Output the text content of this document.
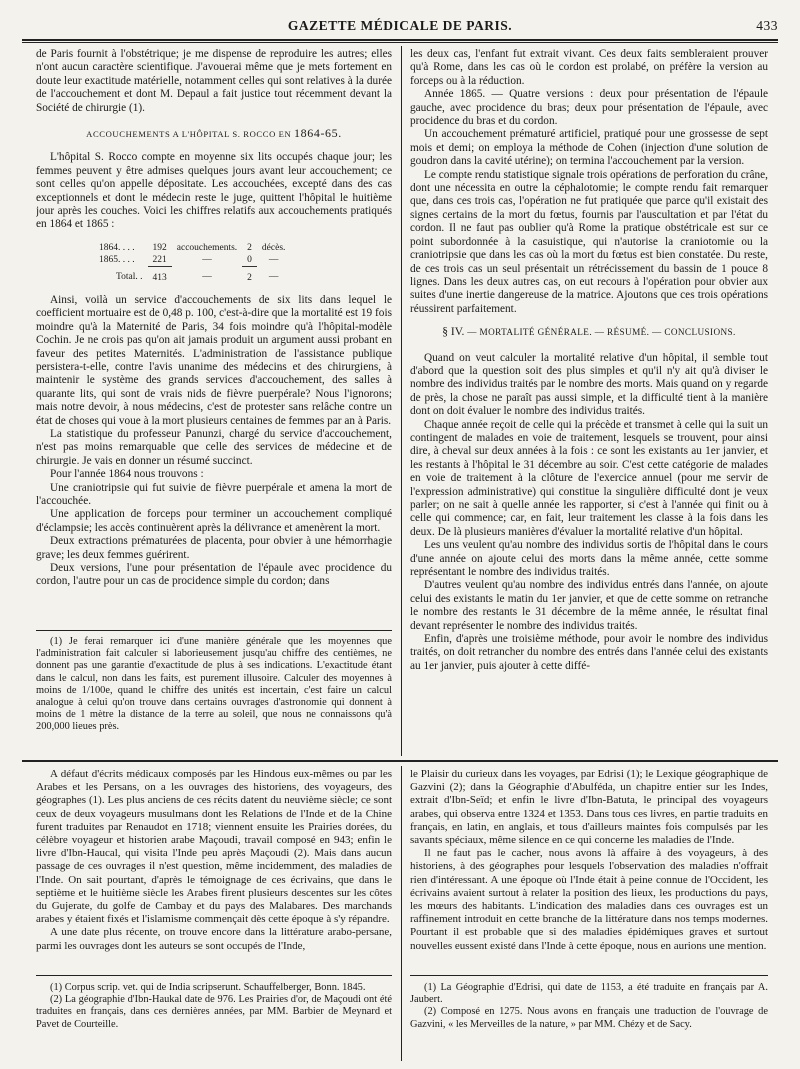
GAZETTE MÉDICALE DE PARIS.	433

de Paris fournit à l'obstétrique; je me dispense de reproduire les autres; elles n'ont aucun caractère scientifique. J'avouerai même que je mets fortement en doute leur exactitude matérielle, notamment celles qui sont relatives à la durée de l'accouchement et dont M. Depaul a fait justice tout récemment devant la Société de chirurgie (1).

ACCOUCHEMENTS A L'HÔPITAL S. ROCCO EN 1864-65.

L'hôpital S. Rocco compte en moyenne six lits occupés chaque jour; les femmes peuvent y être admises quelques jours avant leur accouchement; ce sont celles qu'on appelle dépositate. Les accouchées, excepté dans des cas exceptionnels et dont le médecin reste le juge, quittent l'hôpital le huitième jour après les couches. Voici les chiffres relatifs aux accouchements pratiqués en 1864 et 1865 :

1864. . . .	192	accouchements.	2	décès.
1865. . . .	221	—	0	—
Total. .	413	—	2	—

Ainsi, voilà un service d'accouchements de six lits dans lequel le coefficient mortuaire est de 0,48 p. 100, c'est-à-dire que la mortalité est 19 fois moindre qu'à la Maternité de Paris, 34 fois moindre qu'à l'hôpital-modèle Cochin. Je ne crois pas qu'on ait jamais produit un argument aussi probant en faveur des petites Maternités. L'administration de l'assistance publique persistera-t-elle, contre l'avis unanime des médecins et des chirurgiens, à maintenir le système des grands services d'accouchement, des salles à quarante lits, qui sont de vrais nids de fièvre puerpérale? Nous l'ignorons; mais notre devoir, à nous médecins, c'est de protester sans relâche contre un état de choses qui voue à la mort plusieurs centaines de femmes par an à Paris.

La statistique du professeur Panunzi, chargé du service d'accouchement, n'est pas moins remarquable que celle des services de médecine et de chirurgie. Je vais en donner un résumé succinct.

Pour l'année 1864 nous trouvons :

Une craniotripsie qui fut suivie de fièvre puerpérale et amena la mort de l'accouchée.

Une application de forceps pour terminer un accouchement compliqué d'éclampsie; les accès continuèrent après la délivrance et amenèrent la mort.

Deux extractions prématurées de placenta, pour obvier à une hémorrhagie grave; les deux femmes guérirent.

Deux versions, l'une pour présentation de l'épaule avec procidence du cordon, l'autre pour un cas de procidence simple du cordon; dans

(1) Je ferai remarquer ici d'une manière générale que les moyennes que l'administration fait calculer si laborieusement jusqu'au chiffre des centièmes, ne donnent pas une garantie d'exactitude de plus à ses indications. L'exactitude étant dans le calcul, non dans les faits, est purement illusoire. Calculer des moyennes à moins de 1/100e, quand le chiffre des unités est incertain, c'est faire un calcul analogue à celui qu'on trouve dans certains ouvrages d'astronomie qui donnent à moins de 1 mètre la distance de la terre au soleil, que nous ne connaissons qu'à 200,000 lieues près.

les deux cas, l'enfant fut extrait vivant. Ces deux faits sembleraient prouver qu'à Rome, dans les cas où le cordon est prolabé, on préfère la version au forceps ou à la réduction.

Année 1865. — Quatre versions : deux pour présentation de l'épaule gauche, avec procidence du bras; deux pour présentation de l'épaule, avec procidence du bras et du cordon.

Un accouchement prématuré artificiel, pratiqué pour une grossesse de sept mois et demi; on employa la méthode de Cohen (injection d'une solution de goudron dans la cavité utérine); on termina l'accouchement par la version.

Le compte rendu statistique signale trois opérations de perforation du crâne, dont une nécessita en outre la céphalotomie; le compte rendu fait remarquer que, dans ces trois cas, l'opération ne fut pratiquée que parce qu'il existait des signes certains de la mort du fœtus, fournis par l'auscultation et par l'état du cordon. Il ne faut pas oublier qu'à Rome la pratique obstétricale est sur ce point subordonnée à la casuistique, qui n'autorise la craniotomie ou la craniotripsie que dans les cas où la mort du fœtus est bien constatée. Du reste, de ces trois cas un seul présentait un rétrécissement du bassin de 1 pouce 8 lignes. Dans les deux autres cas, on eut recours à l'opération pour obvier aux suites d'une inertie dangereuse de la matrice. Ajoutons que ces trois opérations réussirent parfaitement.

§ IV. — MORTALITÉ GÉNÉRALE. — RÉSUMÉ. — CONCLUSIONS.

Quand on veut calculer la mortalité relative d'un hôpital, il semble tout d'abord que la question soit des plus simples et qu'il n'y ait qu'à diviser le nombre des individus traités par le nombre des morts. Mais quand on y regarde de près, la chose ne paraît pas aussi simple, et la difficulté tient à la manière dont on doit évaluer le nombre des individus traités.

Chaque année reçoit de celle qui la précède et transmet à celle qui la suit un contingent de malades en voie de traitement, lesquels se trouvent, pour ainsi dire, à cheval sur deux années à la fois : ce sont les existants au 1er janvier, et les restants à l'hôpital le 31 décembre au soir. C'est cette catégorie de malades en voie de traitement à la clôture de l'exercice annuel (pour me servir de l'expression administrative) qui constitue la singulière difficulté dont je veux parler; on ne sait à quelle année les rapporter, si c'est à l'année qui finit ou à celle qui commence; car, en fait, leur traitement les classe à la fois dans les deux. De là plusieurs manières d'évaluer la mortalité relative d'un hôpital.

Les uns veulent qu'au nombre des individus sortis de l'hôpital dans le cours d'une année on ajoute celui des morts dans la même année, cette somme représentant le nombre des individus traités.

D'autres veulent qu'au nombre des individus entrés dans l'année, on ajoute celui des existants le matin du 1er janvier, et que de cette somme on retranche le nombre des restants le 31 décembre de la même année, le résultat final devant représenter le nombre des individus traités.

Enfin, d'après une troisième méthode, pour avoir le nombre des individus traités, on doit retrancher du nombre des entrés dans l'année celui des existants au 1er janvier, puis ajouter à cette diffé-

A défaut d'écrits médicaux composés par les Hindous eux-mêmes ou par les Arabes et les Persans, on a les ouvrages des historiens, des voyageurs, des géographes (1). Les plus anciens de ces récits datent du neuvième siècle; ce sont ceux de deux voyageurs musulmans dont les Relations de l'Inde et de la Chine furent traduites par Renaudot en 1718; viennent ensuite les Prairies dorées, du célèbre voyageur et historien arabe Maçoudi, travail composé en 943; enfin le livre d'Ibn-Haucal, qui visita l'Inde peu après Maçoudi (2). Mais dans aucun passage de ces ouvrages il n'est question, même incidemment, des maladies de l'Inde. On sait pourtant, d'après le témoignage de ces écrivains, que dans le septième et le huitième siècle les Arabes firent plusieurs descentes sur les côtes du Gujerate, du golfe de Cambay et du pays des Malabares. Des marchands arabes y étaient fixés et l'islamisme commençait dès cette époque à s'y répandre.

A une date plus récente, on trouve encore dans la littérature arabo-persane, parmi les ouvrages dont les auteurs se sont occupés de l'Inde,

(1) Corpus scrip. vet. qui de India scripserunt. Schauffelberger, Bonn. 1845.

(2) La géographie d'Ibn-Haukal date de 976. Les Prairies d'or, de Maçoudi ont été traduites en français, dans ces dernières années, par MM. Barbier de Meynard et Pavet de Courteille.

le Plaisir du curieux dans les voyages, par Edrisi (1); le Lexique géographique de Gazvini (2); dans la Géographie d'Abulféda, un chapitre entier sur les Indes, extrait d'Ibn-Seïd; et enfin le livre d'Ibn-Batuta, le principal des voyageurs arabes, qui observa entre 1324 et 1353. Dans tous ces livres, en partie traduits en français, en latin, en anglais, et tous d'ailleurs maintes fois compulsés par les savants spéciaux, même silence en ce qui concerne les maladies de l'Inde.

Il ne faut pas le cacher, nous avons là affaire à des voyageurs, à des historiens, à des géographes pour lesquels l'observation des maladies n'offrait rien d'intéressant. A une époque où l'Inde était à peine connue de l'Occident, les écrivains avaient surtout à relater la position des lieux, les productions du pays, les mœurs des habitants. L'indication des maladies dans ces ouvrages est un raffinement introduit en cette branche de la littérature dans nos temps modernes. Pourtant il est probable que si des maladies épidémiques graves et surtout nouvelles eussent existé dans l'Inde à cette époque, nous en aurions une mention.

(1) La Géographie d'Edrisi, qui date de 1153, a été traduite en français par A. Jaubert.

(2) Composé en 1275. Nous avons en français une traduction de l'ouvrage de Gazvini, « les Merveilles de la nature, » par MM. Chézy et de Sacy.
